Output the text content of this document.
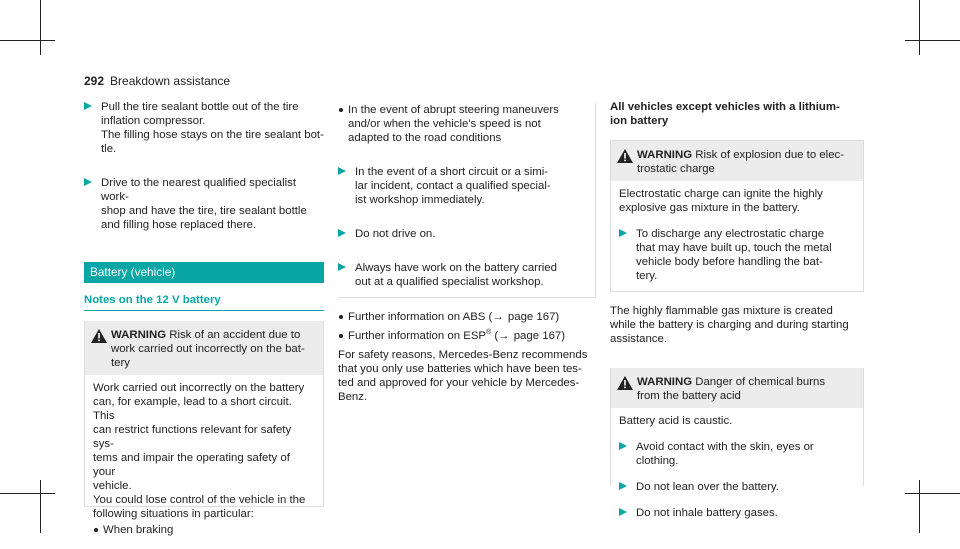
292 Breakdown assistance

Pull the tire sealant bottle out of the tire

inflation compressor.

The filling hose stays on the tire sealant bot-

tle.

Drive to the nearest qualified specialist work-

shop and have the tire, tire sealant bottle

and filling hose replaced there.

Battery (vehicle)
Notes on the 12 V battery

WARNING Risk of an accident due to

work carried out incorrectly on the bat-

tery

Work carried out incorrectly on the battery

can, for example, lead to a short circuit. This

can restrict functions relevant for safety sys-

tems and impair the operating safety of your

vehicle.

You could lose control of the vehicle in the

following situations in particular:

When braking

In the event of abrupt steering maneuvers

and/or when the vehicle's speed is not

adapted to the road conditions

In the event of a short circuit or a simi-

lar incident, contact a qualified special-

ist workshop immediately.

Do not drive on.

Always have work on the battery carried

out at a qualified specialist workshop.

Further information on ABS (→ page 167)

Further information on ESP® (→ page 167)

For safety reasons, Mercedes-Benz recommends

that you only use batteries which have been tes-

ted and approved for your vehicle by Mercedes-

Benz.

All vehicles except vehicles with a lithium-

ion battery

WARNING Risk of explosion due to elec-

trostatic charge

Electrostatic charge can ignite the highly

explosive gas mixture in the battery.

To discharge any electrostatic charge

that may have built up, touch the metal

vehicle body before handling the bat-

tery.

The highly flammable gas mixture is created

while the battery is charging and during starting

assistance.

WARNING Danger of chemical burns

from the battery acid

Battery acid is caustic.

Avoid contact with the skin, eyes or

clothing.

Do not lean over the battery.

Do not inhale battery gases.
